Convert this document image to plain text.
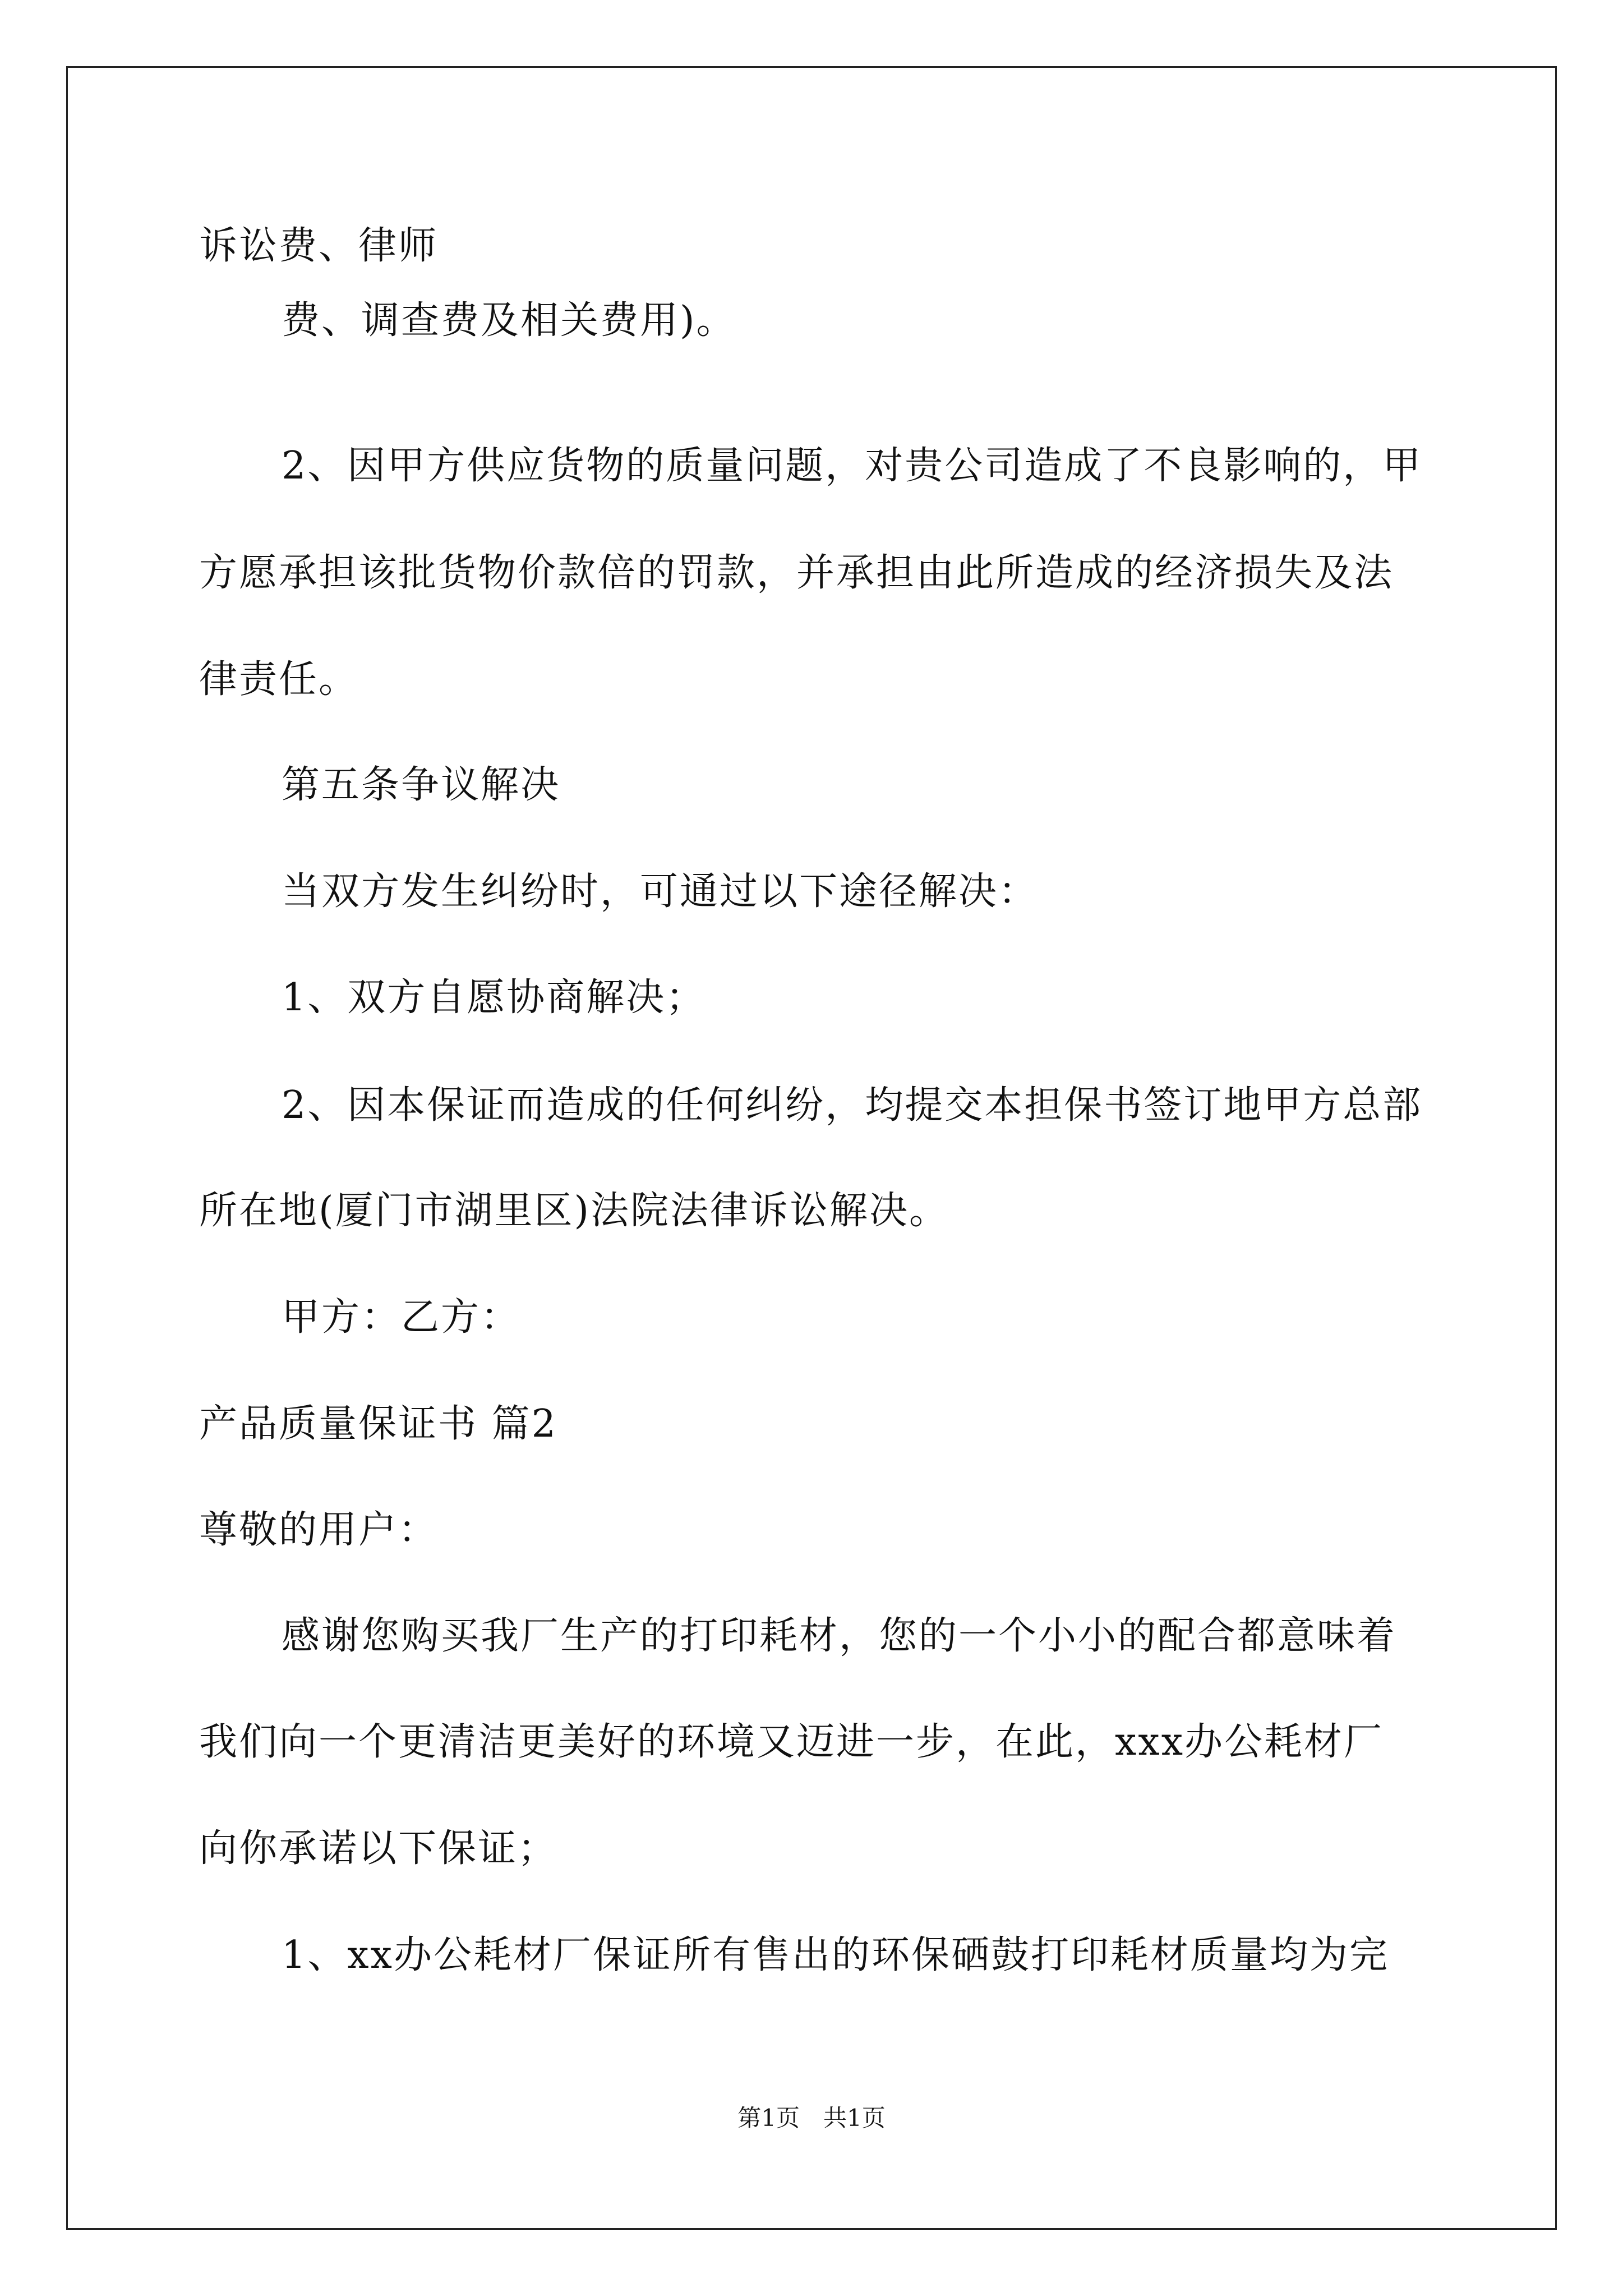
诉讼费、律师
费、调查费及相关费用)。
2、因甲方供应货物的质量问题，对贵公司造成了不良影响的，甲
方愿承担该批货物价款倍的罚款，并承担由此所造成的经济损失及法
律责任。
第五条争议解决
当双方发生纠纷时，可通过以下途径解决：
1、双方自愿协商解决；
2、因本保证而造成的任何纠纷，均提交本担保书签订地甲方总部
所在地(厦门市湖里区)法院法律诉讼解决。
甲方：乙方：
产品质量保证书 篇2
尊敬的用户：
感谢您购买我厂生产的打印耗材，您的一个小小的配合都意味着
我们向一个更清洁更美好的环境又迈进一步，在此，xxx办公耗材厂
向你承诺以下保证；
1、xx办公耗材厂保证所有售出的环保硒鼓打印耗材质量均为完
第1页　共1页
